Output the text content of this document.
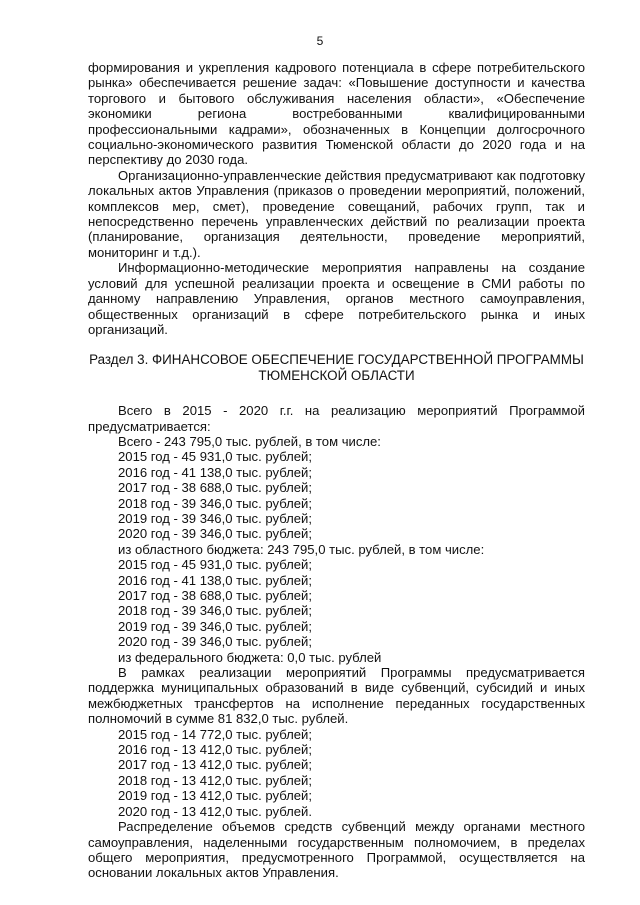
5

формирования и укрепления кадрового потенциала в сфере потребительского рынка» обеспечивается решение задач: «Повышение доступности и качества торгового и бытового обслуживания населения области», «Обеспечение экономики региона востребованными квалифицированными профессиональными кадрами», обозначенных в Концепции долгосрочного социально-экономического развития Тюменской области до 2020 года и на перспективу до 2030 года.

Организационно-управленческие действия предусматривают как подготовку локальных актов Управления (приказов о проведении мероприятий, положений, комплексов мер, смет), проведение совещаний, рабочих групп, так и непосредственно перечень управленческих действий по реализации проекта (планирование, организация деятельности, проведение мероприятий, мониторинг и т.д.).

Информационно-методические мероприятия направлены на создание условий для успешной реализации проекта и освещение в СМИ работы по данному направлению Управления, органов местного самоуправления, общественных организаций в сфере потребительского рынка и иных организаций.

Раздел 3. ФИНАНСОВОЕ ОБЕСПЕЧЕНИЕ ГОСУДАРСТВЕННОЙ ПРОГРАММЫ
ТЮМЕНСКОЙ ОБЛАСТИ

Всего в 2015 - 2020 г.г. на реализацию мероприятий Программой предусматривается:

Всего - 243 795,0 тыс. рублей, в том числе:
2015 год - 45 931,0 тыс. рублей;
2016 год - 41 138,0 тыс. рублей;
2017 год - 38 688,0 тыс. рублей;
2018 год - 39 346,0 тыс. рублей;
2019 год - 39 346,0 тыс. рублей;
2020 год - 39 346,0 тыс. рублей;
из областного бюджета: 243 795,0 тыс. рублей, в том числе:
2015 год - 45 931,0 тыс. рублей;
2016 год - 41 138,0 тыс. рублей;
2017 год - 38 688,0 тыс. рублей;
2018 год - 39 346,0 тыс. рублей;
2019 год - 39 346,0 тыс. рублей;
2020 год - 39 346,0 тыс. рублей;
из федерального бюджета: 0,0 тыс. рублей

В рамках реализации мероприятий Программы предусматривается поддержка муниципальных образований в виде субвенций, субсидий и иных межбюджетных трансфертов на исполнение переданных государственных полномочий в сумме 81 832,0 тыс. рублей.

2015 год - 14 772,0 тыс. рублей;
2016 год - 13 412,0 тыс. рублей;
2017 год - 13 412,0 тыс. рублей;
2018 год - 13 412,0 тыс. рублей;
2019 год - 13 412,0 тыс. рублей;
2020 год - 13 412,0 тыс. рублей.

Распределение объемов средств субвенций между органами местного самоуправления, наделенными государственным полномочием, в пределах общего мероприятия, предусмотренного Программой, осуществляется на основании локальных актов Управления.
